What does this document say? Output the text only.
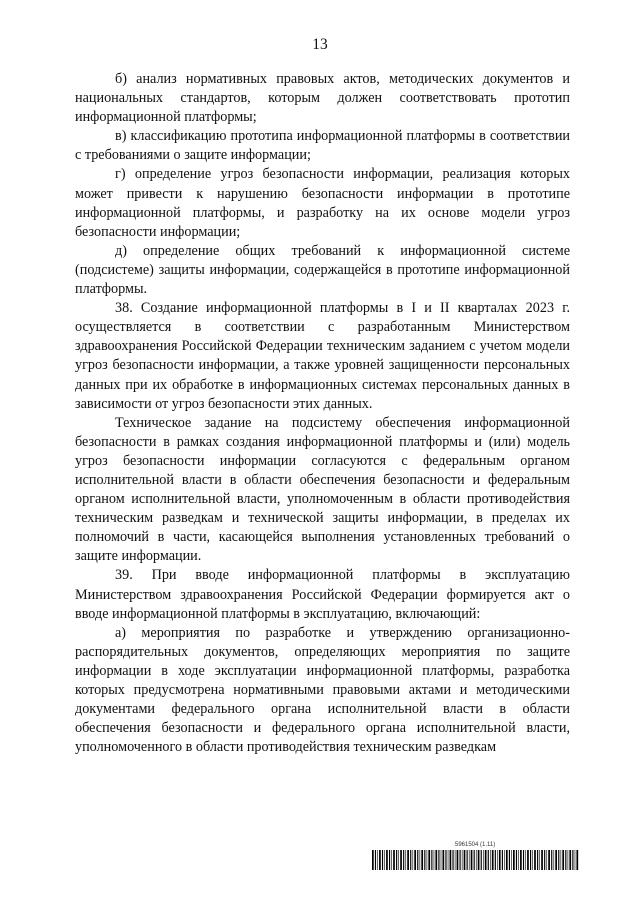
13

б) анализ нормативных правовых актов, методических документов и национальных стандартов, которым должен соответствовать прототип информационной платформы;

в) классификацию прототипа информационной платформы в соответствии с требованиями о защите информации;

г) определение угроз безопасности информации, реализация которых может привести к нарушению безопасности информации в прототипе информационной платформы, и разработку на их основе модели угроз безопасности информации;

д) определение общих требований к информационной системе (подсистеме) защиты информации, содержащейся в прототипе информационной платформы.

38. Создание информационной платформы в I и II кварталах 2023 г. осуществляется в соответствии с разработанным Министерством здравоохранения Российской Федерации техническим заданием с учетом модели угроз безопасности информации, а также уровней защищенности персональных данных при их обработке в информационных системах персональных данных в зависимости от угроз безопасности этих данных.

Техническое задание на подсистему обеспечения информационной безопасности в рамках создания информационной платформы и (или) модель угроз безопасности информации согласуются с федеральным органом исполнительной власти в области обеспечения безопасности и федеральным органом исполнительной власти, уполномоченным в области противодействия техническим разведкам и технической защиты информации, в пределах их полномочий в части, касающейся выполнения установленных требований о защите информации.

39. При вводе информационной платформы в эксплуатацию Министерством здравоохранения Российской Федерации формируется акт о вводе информационной платформы в эксплуатацию, включающий:

а) мероприятия по разработке и утверждению организационно-распорядительных документов, определяющих мероприятия по защите информации в ходе эксплуатации информационной платформы, разработка которых предусмотрена нормативными правовыми актами и методическими документами федерального органа исполнительной власти в области обеспечения безопасности и федерального органа исполнительной власти, уполномоченного в области противодействия техническим разведкам

5961504 (1.11)
